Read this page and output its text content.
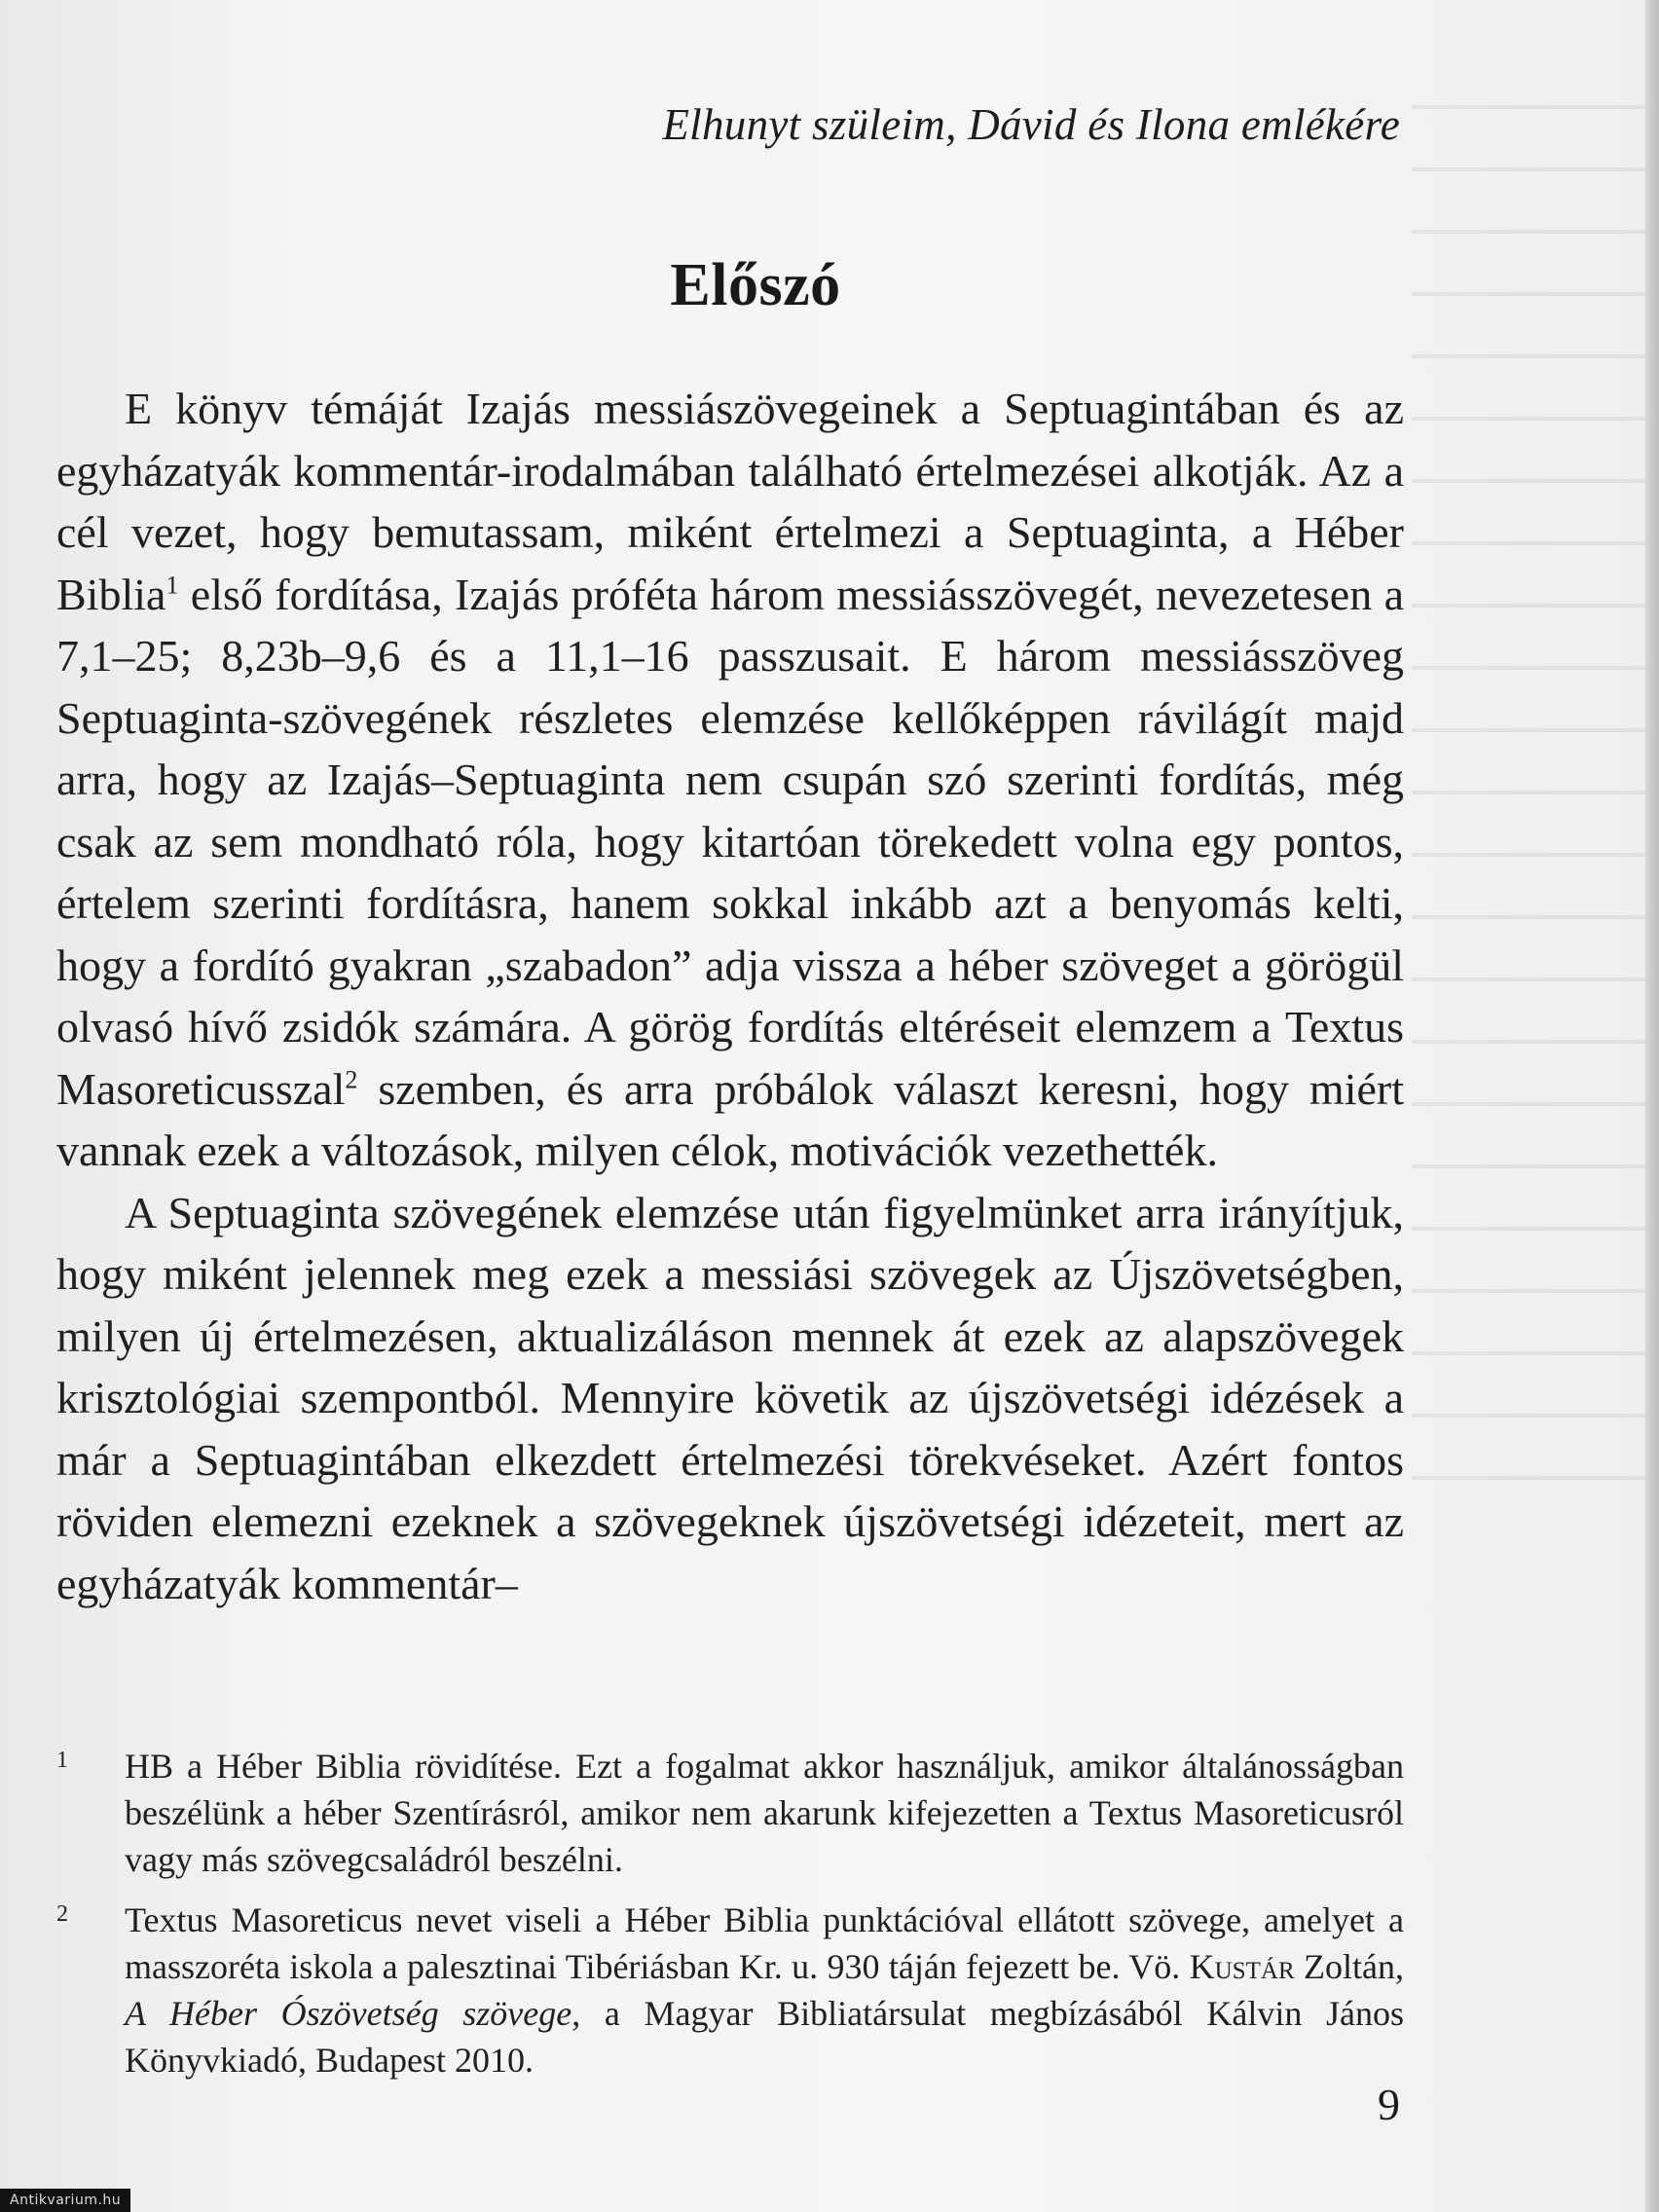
Elhunyt szüleim, Dávid és Ilona emlékére
Előszó

E könyv témáját Izajás messiászövegeinek a Septuagintában és az egyházatyák kommentár-irodalmában található értelmezései alkotják. Az a cél vezet, hogy bemutassam, miként értelmezi a Septuaginta, a Héber Biblia$^1$ első fordítása, Izajás próféta három messiásszövegét, nevezetesen a 7,1–25; 8,23b–9,6 és a 11,1–16 passzusait. E három messiásszöveg Septuaginta-szövegének részletes elemzése kellőképpen rávilágít majd arra, hogy az Izajás–Septuaginta nem csupán szó szerinti fordítás, még csak az sem mondható róla, hogy kitartóan törekedett volna egy pontos, értelem szerinti fordításra, hanem sokkal inkább azt a benyomás kelti, hogy a fordító gyakran „szabadon” adja vissza a héber szöveget a görögül olvasó hívő zsidók számára. A görög fordítás eltéréseit elemzem a Textus Masoreticusszal$^2$ szemben, és arra próbálok választ keresni, hogy miért vannak ezek a változások, milyen célok, motivációk vezethették.

A Septuaginta szövegének elemzése után figyelmünket arra irányítjuk, hogy miként jelennek meg ezek a messiási szövegek az Újszövetségben, milyen új értelmezésen, aktualizáláson mennek át ezek az alapszövegek krisztológiai szempontból. Mennyire követik az újszövetségi idézések a már a Septuagintában elkezdett értelmezési törekvéseket. Azért fontos röviden elemezni ezeknek a szövegeknek újszövetségi idézeteit, mert az egyházatyák kommentár–

1 HB a Héber Biblia rövidítése. Ezt a fogalmat akkor használjuk, amikor általánosságban beszélünk a héber Szentírásról, amikor nem akarunk kifejezetten a Textus Masoreticusról vagy más szövegcsaládról beszélni.
2 Textus Masoreticus nevet viseli a Héber Biblia punktációval ellátott szövege, amelyet a masszoréta iskola a palesztinai Tibériásban Kr. u. 930 táján fejezett be. Vö. Kustár Zoltán, A Héber Ószövetség szövege, a Magyar Bibliatársulat megbízásából Kálvin János Könyvkiadó, Budapest 2010.
9
Antikvarium.hu
